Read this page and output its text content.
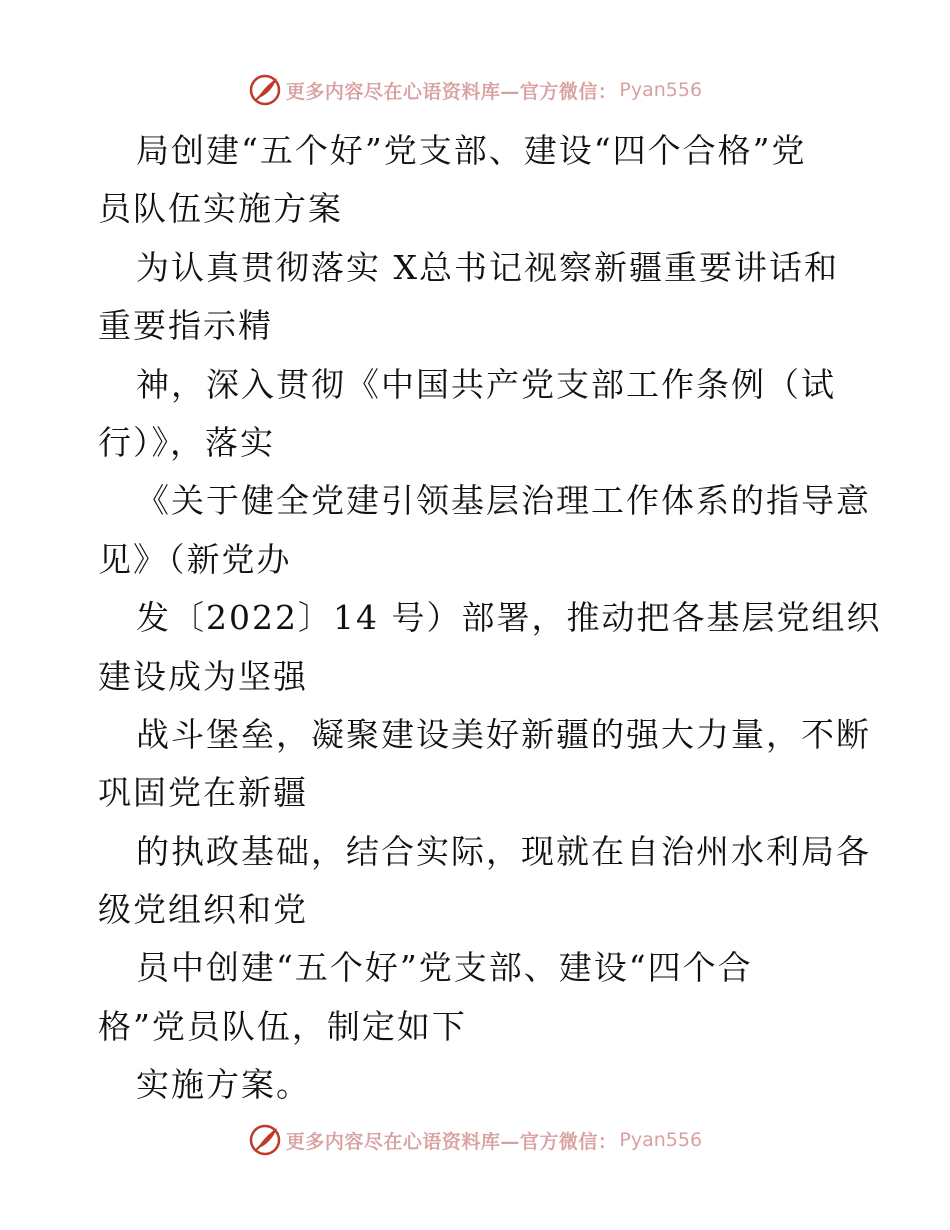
更多内容尽在心语资料库—官方微信： Pyan556
局创建“五个好”党支部、建设“四个合格”党
员队伍实施方案
为认真贯彻落实 X总书记视察新疆重要讲话和
重要指示精
神，深入贯彻《中国共产党支部工作条例（试
行）》，落实
《关于健全党建引领基层治理工作体系的指导意
见》（新党办
发〔2022〕14 号）部署，推动把各基层党组织
建设成为坚强
战斗堡垒，凝聚建设美好新疆的强大力量，不断
巩固党在新疆
的执政基础，结合实际，现就在自治州水利局各
级党组织和党
员中创建“五个好”党支部、建设“四个合
格”党员队伍，制定如下
实施方案。
更多内容尽在心语资料库—官方微信： Pyan556
